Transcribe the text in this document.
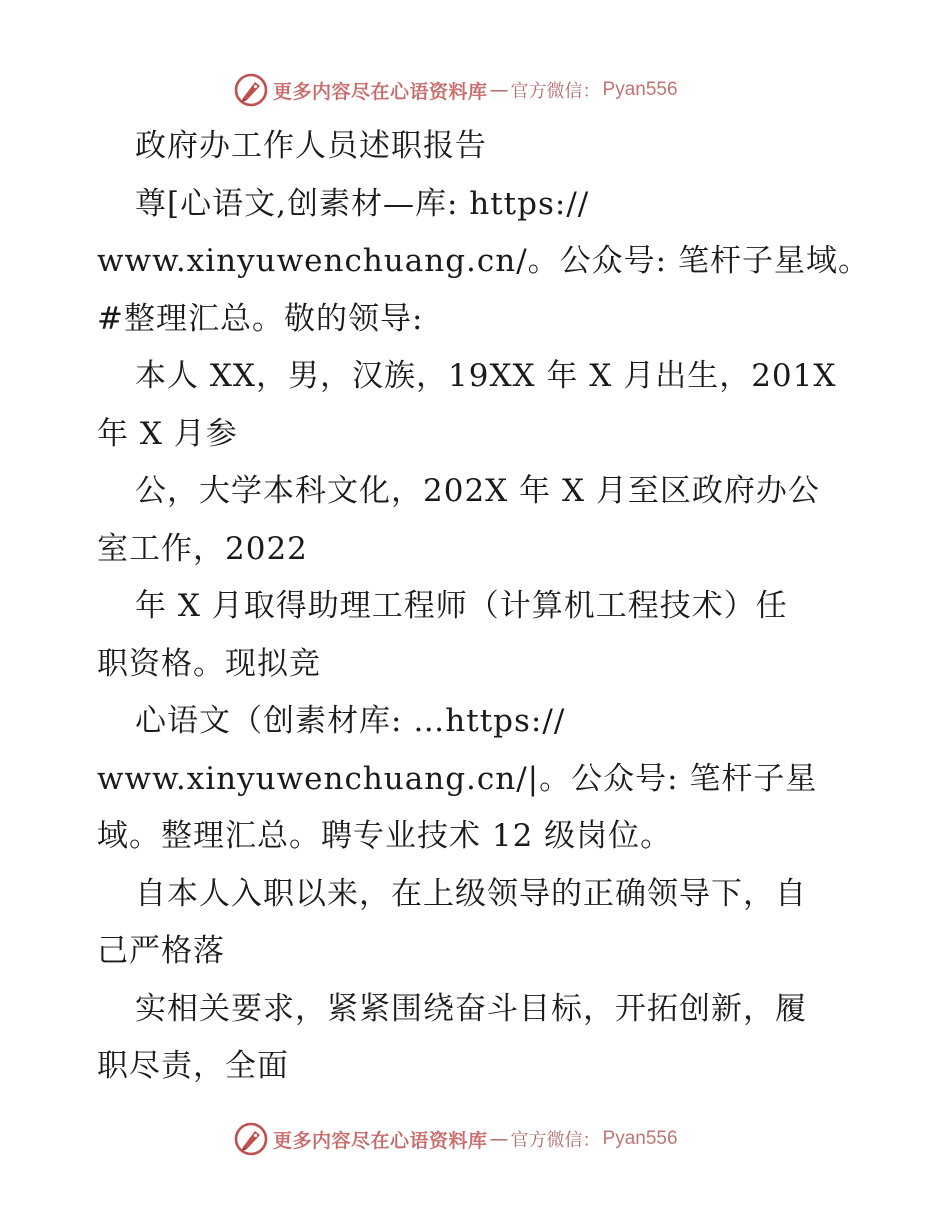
更多内容尽在心语资料库 — 官方微信： Pyan556
政府办工作人员述职报告
尊[心语文,创素材—库: https://
www.xinyuwenchuang.cn/。公众号: 笔杆子星域。
#整理汇总。敬的领导:
本人 XX，男，汉族，19XX 年 X 月出生，201X
年 X 月参
公，大学本科文化，202X 年 X 月至区政府办公
室工作，2022
年 X 月取得助理工程师（计算机工程技术）任
职资格。现拟竞
心语文（创素材库: …https://
www.xinyuwenchuang.cn/|。公众号: 笔杆子星
域。整理汇总。聘专业技术 12 级岗位。
自本人入职以来，在上级领导的正确领导下，自
己严格落
实相关要求，紧紧围绕奋斗目标，开拓创新，履
职尽责，全面
更多内容尽在心语资料库 — 官方微信： Pyan556
